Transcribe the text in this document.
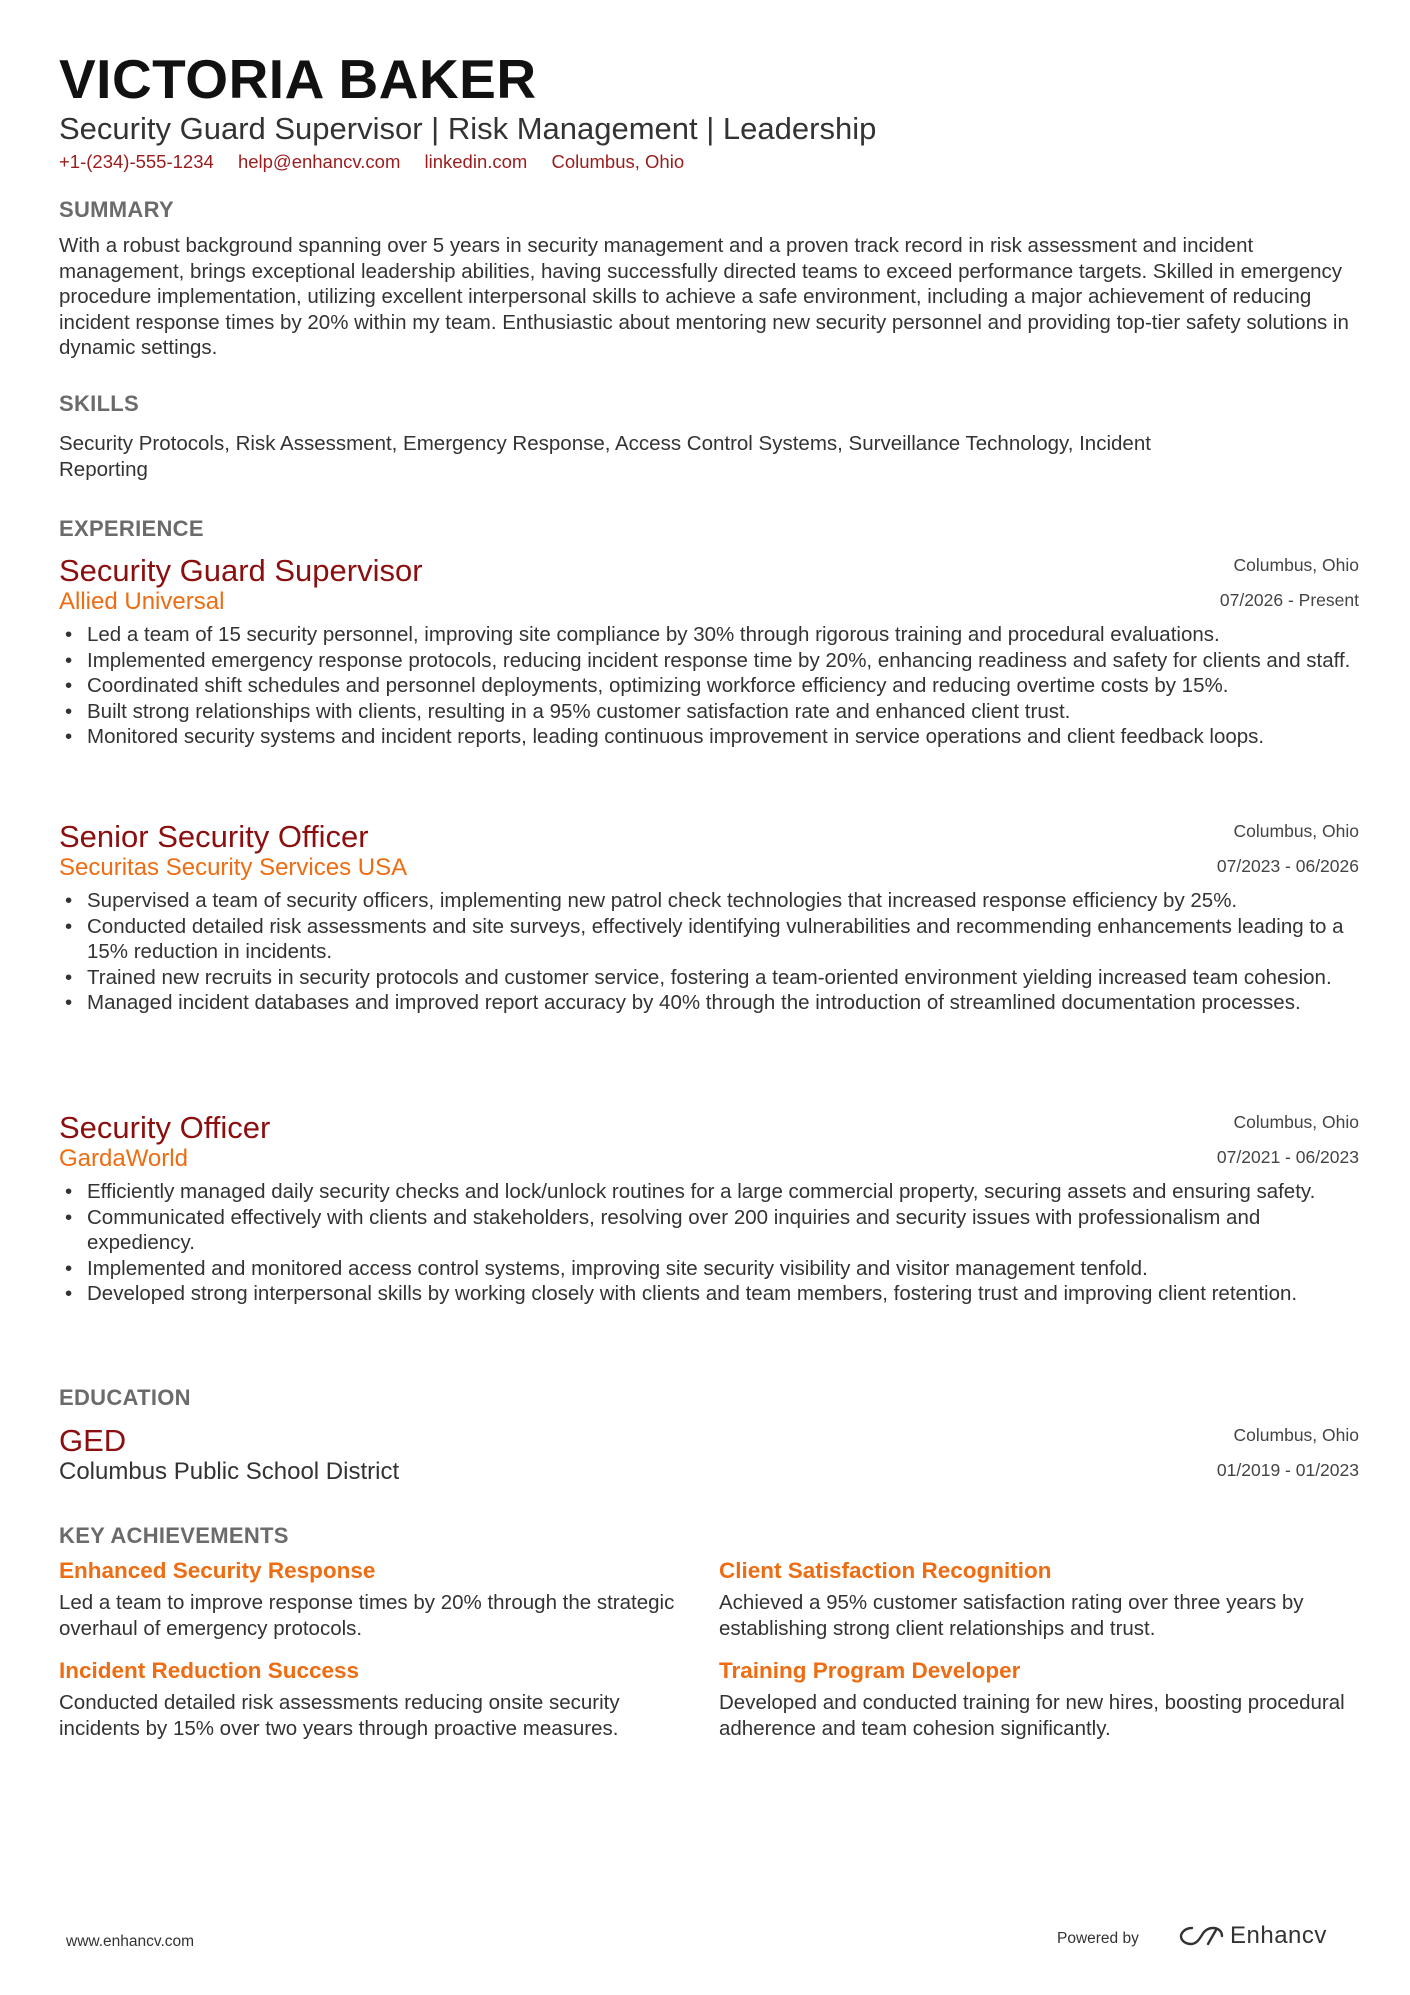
VICTORIA BAKER
Security Guard Supervisor | Risk Management | Leadership
+1-(234)-555-1234 help@enhancv.com linkedin.com Columbus, Ohio
SUMMARY
With a robust background spanning over 5 years in security management and a proven track record in risk assessment and incident management, brings exceptional leadership abilities, having successfully directed teams to exceed performance targets. Skilled in emergency procedure implementation, utilizing excellent interpersonal skills to achieve a safe environment, including a major achievement of reducing incident response times by 20% within my team. Enthusiastic about mentoring new security personnel and providing top-tier safety solutions in dynamic settings.
SKILLS
Security Protocols, Risk Assessment, Emergency Response, Access Control Systems, Surveillance Technology, Incident Reporting
EXPERIENCE
Security Guard Supervisor
Allied Universal
Columbus, Ohio
07/2026 - Present
• Led a team of 15 security personnel, improving site compliance by 30% through rigorous training and procedural evaluations.
• Implemented emergency response protocols, reducing incident response time by 20%, enhancing readiness and safety for clients and staff.
• Coordinated shift schedules and personnel deployments, optimizing workforce efficiency and reducing overtime costs by 15%.
• Built strong relationships with clients, resulting in a 95% customer satisfaction rate and enhanced client trust.
• Monitored security systems and incident reports, leading continuous improvement in service operations and client feedback loops.
Senior Security Officer
Securitas Security Services USA
Columbus, Ohio
07/2023 - 06/2026
• Supervised a team of security officers, implementing new patrol check technologies that increased response efficiency by 25%.
• Conducted detailed risk assessments and site surveys, effectively identifying vulnerabilities and recommending enhancements leading to a 15% reduction in incidents.
• Trained new recruits in security protocols and customer service, fostering a team-oriented environment yielding increased team cohesion.
• Managed incident databases and improved report accuracy by 40% through the introduction of streamlined documentation processes.
Security Officer
GardaWorld
Columbus, Ohio
07/2021 - 06/2023
• Efficiently managed daily security checks and lock/unlock routines for a large commercial property, securing assets and ensuring safety.
• Communicated effectively with clients and stakeholders, resolving over 200 inquiries and security issues with professionalism and expediency.
• Implemented and monitored access control systems, improving site security visibility and visitor management tenfold.
• Developed strong interpersonal skills by working closely with clients and team members, fostering trust and improving client retention.
EDUCATION
GED
Columbus Public School District
Columbus, Ohio
01/2019 - 01/2023
KEY ACHIEVEMENTS
Enhanced Security Response
Led a team to improve response times by 20% through the strategic overhaul of emergency protocols.
Client Satisfaction Recognition
Achieved a 95% customer satisfaction rating over three years by establishing strong client relationships and trust.
Incident Reduction Success
Conducted detailed risk assessments reducing onsite security incidents by 15% over two years through proactive measures.
Training Program Developer
Developed and conducted training for new hires, boosting procedural adherence and team cohesion significantly.
www.enhancv.com	Powered by	Enhancv
